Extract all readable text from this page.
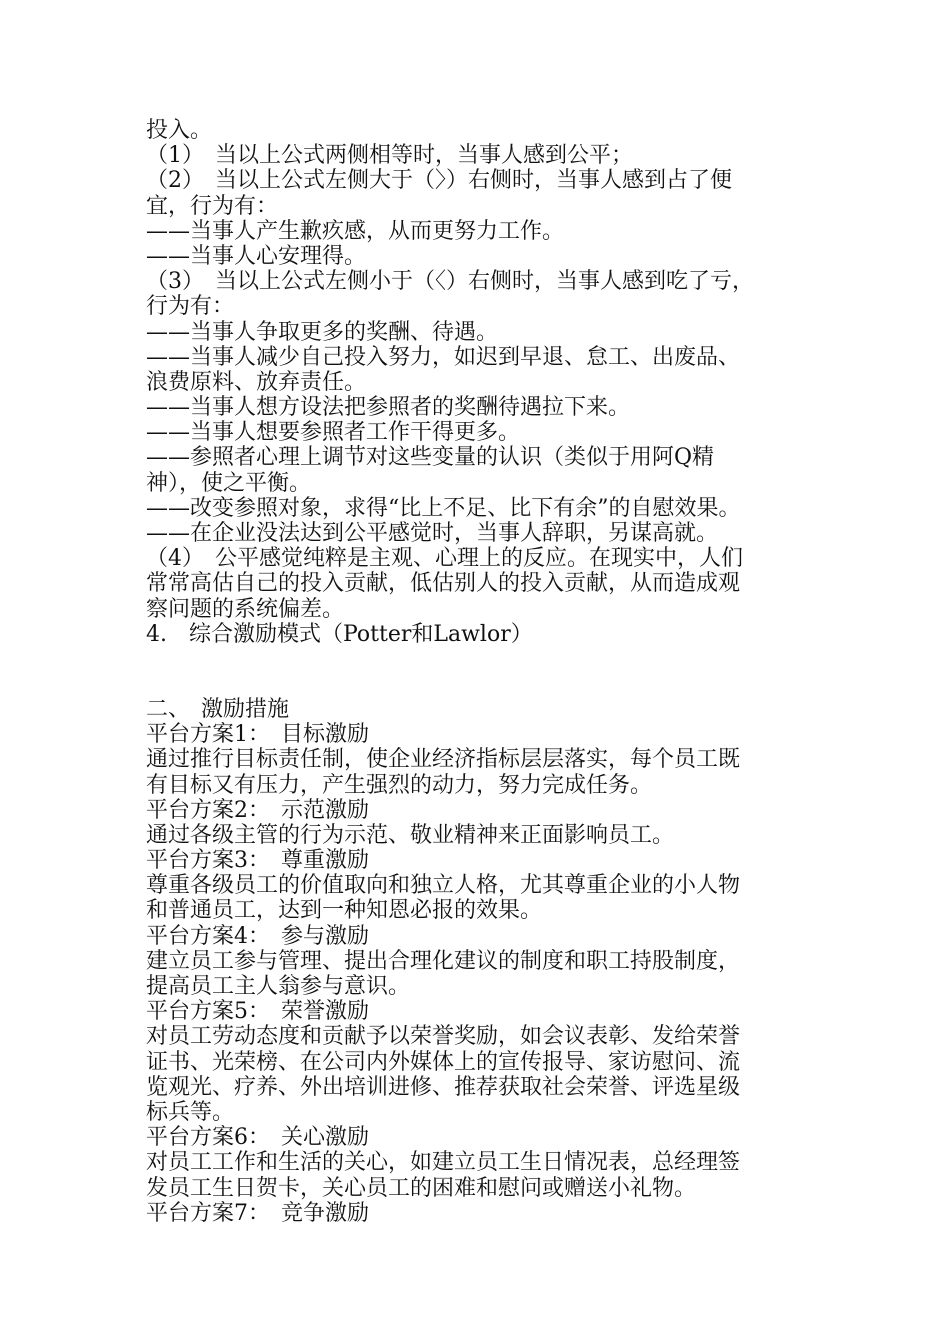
投入。
（1）　当以上公式两侧相等时，当事人感到公平；
（2）　当以上公式左侧大于（〉）右侧时，当事人感到占了便
宜，行为有：
——当事人产生歉疚感，从而更努力工作。
——当事人心安理得。
（3）　当以上公式左侧小于（〈）右侧时，当事人感到吃了亏，
行为有：
——当事人争取更多的奖酬、待遇。
——当事人减少自己投入努力，如迟到早退、怠工、出废品、
浪费原料、放弃责任。
——当事人想方设法把参照者的奖酬待遇拉下来。
——当事人想要参照者工作干得更多。
——参照者心理上调节对这些变量的认识（类似于用阿Q精
神），使之平衡。
——改变参照对象，求得“比上不足、比下有余”的自慰效果。
——在企业没法达到公平感觉时，当事人辞职，另谋高就。
（4）　公平感觉纯粹是主观、心理上的反应。在现实中，人们
常常高估自己的投入贡献，低估别人的投入贡献，从而造成观
察问题的系统偏差。
4.　综合激励模式（Potter和Lawlor）
二、　激励措施
平台方案1：　目标激励
通过推行目标责任制，使企业经济指标层层落实，每个员工既
有目标又有压力，产生强烈的动力，努力完成任务。
平台方案2：　示范激励
通过各级主管的行为示范、敬业精神来正面影响员工。
平台方案3：　尊重激励
尊重各级员工的价值取向和独立人格，尤其尊重企业的小人物
和普通员工，达到一种知恩必报的效果。
平台方案4：　参与激励
建立员工参与管理、提出合理化建议的制度和职工持股制度，
提高员工主人翁参与意识。
平台方案5：　荣誉激励
对员工劳动态度和贡献予以荣誉奖励，如会议表彰、发给荣誉
证书、光荣榜、在公司内外媒体上的宣传报导、家访慰问、流
览观光、疗养、外出培训进修、推荐获取社会荣誉、评选星级
标兵等。
平台方案6：　关心激励
对员工工作和生活的关心，如建立员工生日情况表，总经理签
发员工生日贺卡，关心员工的困难和慰问或赠送小礼物。
平台方案7：　竞争激励
